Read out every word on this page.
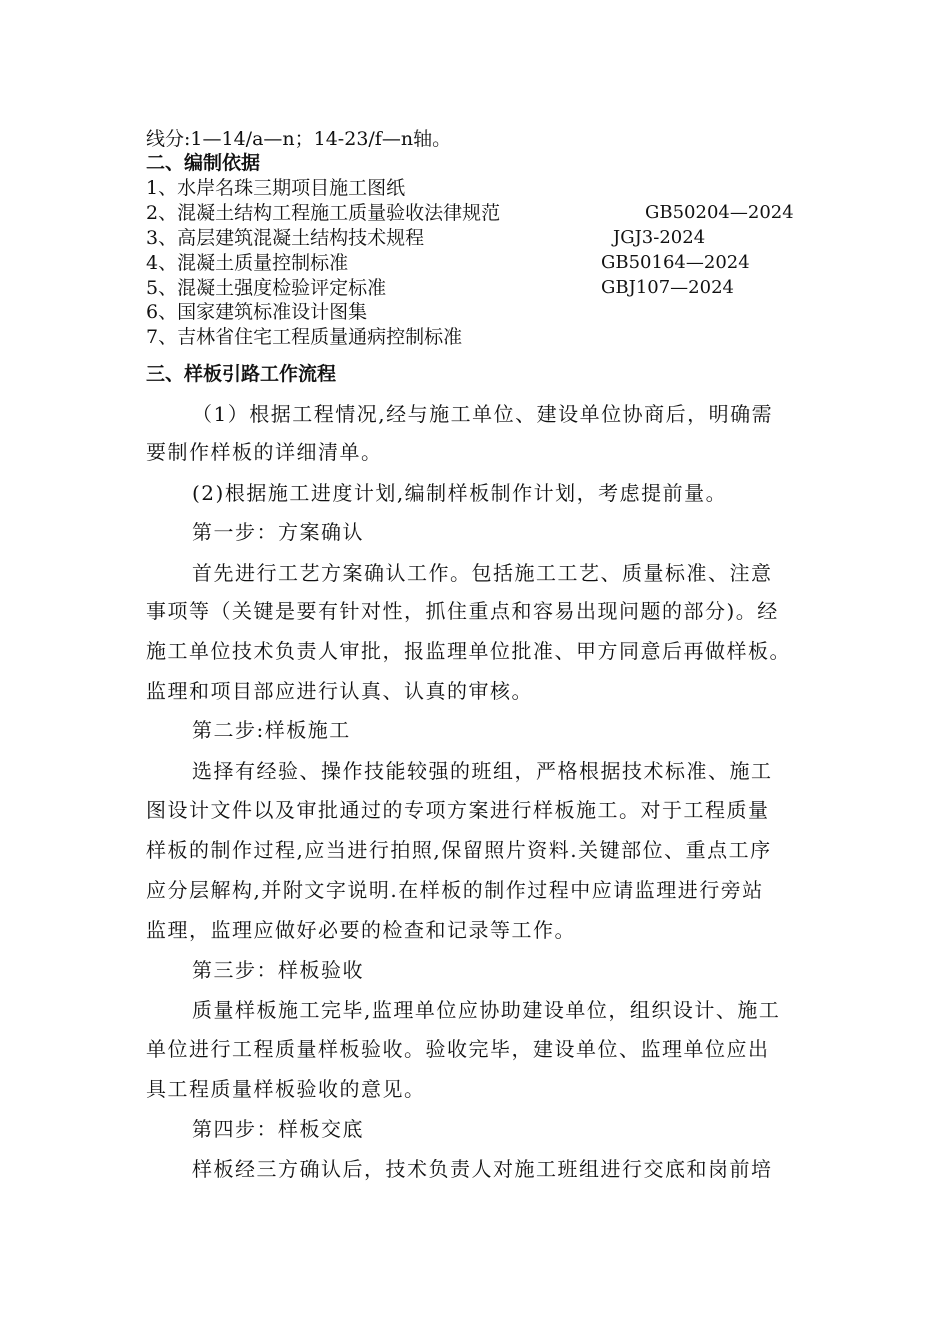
线分:1—14/a—n；14-23/f—n轴。
二、编制依据
1、水岸名珠三期项目施工图纸
2、混凝土结构工程施工质量验收法律规范	GB50204—2024
3、高层建筑混凝土结构技术规程	JGJ3-2024
4、混凝土质量控制标准	GB50164—2024
5、混凝土强度检验评定标准	GBJ107—2024
6、国家建筑标准设计图集
7、吉林省住宅工程质量通病控制标准
三、样板引路工作流程
（1）根据工程情况,经与施工单位、建设单位协商后，明确需
要制作样板的详细清单。
(2)根据施工进度计划,编制样板制作计划，考虑提前量。
第一步：方案确认
首先进行工艺方案确认工作。包括施工工艺、质量标准、注意
事项等（关键是要有针对性，抓住重点和容易出现问题的部分)。经
施工单位技术负责人审批，报监理单位批准、甲方同意后再做样板。
监理和项目部应进行认真、认真的审核。
第二步:样板施工
选择有经验、操作技能较强的班组，严格根据技术标准、施工
图设计文件以及审批通过的专项方案进行样板施工。对于工程质量
样板的制作过程,应当进行拍照,保留照片资料.关键部位、重点工序
应分层解构,并附文字说明.在样板的制作过程中应请监理进行旁站
监理，监理应做好必要的检查和记录等工作。
第三步：样板验收
质量样板施工完毕,监理单位应协助建设单位，组织设计、施工
单位进行工程质量样板验收。验收完毕，建设单位、监理单位应出
具工程质量样板验收的意见。
第四步：样板交底
样板经三方确认后，技术负责人对施工班组进行交底和岗前培
